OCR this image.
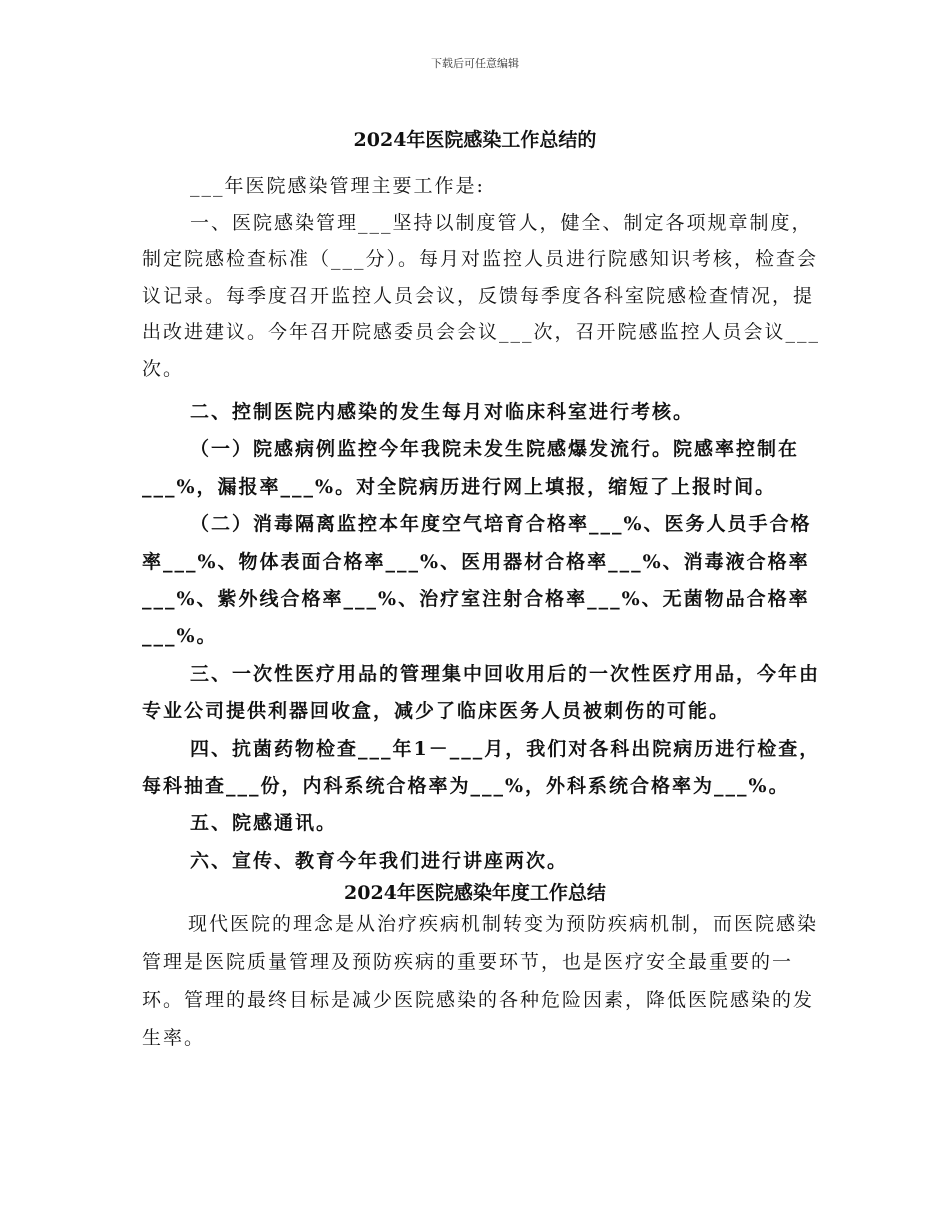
下载后可任意编辑
2024年医院感染工作总结的

___年医院感染管理主要工作是:

一、医院感染管理___坚持以制度管人，健全、制定各项规章制度，制定院感检查标准（___分）。每月对监控人员进行院感知识考核，检查会议记录。每季度召开监控人员会议，反馈每季度各科室院感检查情况，提出改进建议。今年召开院感委员会会议___次，召开院感监控人员会议___次。

二、控制医院内感染的发生每月对临床科室进行考核。

（一）院感病例监控今年我院未发生院感爆发流行。院感率控制在___%，漏报率___%。对全院病历进行网上填报，缩短了上报时间。

（二）消毒隔离监控本年度空气培育合格率___%、医务人员手合格率___%、物体表面合格率___%、医用器材合格率___%、消毒液合格率___%、紫外线合格率___%、治疗室注射合格率___%、无菌物品合格率___%。

三、一次性医疗用品的管理集中回收用后的一次性医疗用品，今年由专业公司提供利器回收盒，减少了临床医务人员被刺伤的可能。

四、抗菌药物检查___年1－___月，我们对各科出院病历进行检查，每科抽查___份，内科系统合格率为___%，外科系统合格率为___%。

五、院感通讯。

六、宣传、教育今年我们进行讲座两次。

2024年医院感染年度工作总结

现代医院的理念是从治疗疾病机制转变为预防疾病机制，而医院感染管理是医院质量管理及预防疾病的重要环节，也是医疗安全最重要的一环。管理的最终目标是减少医院感染的各种危险因素，降低医院感染的发生率。
